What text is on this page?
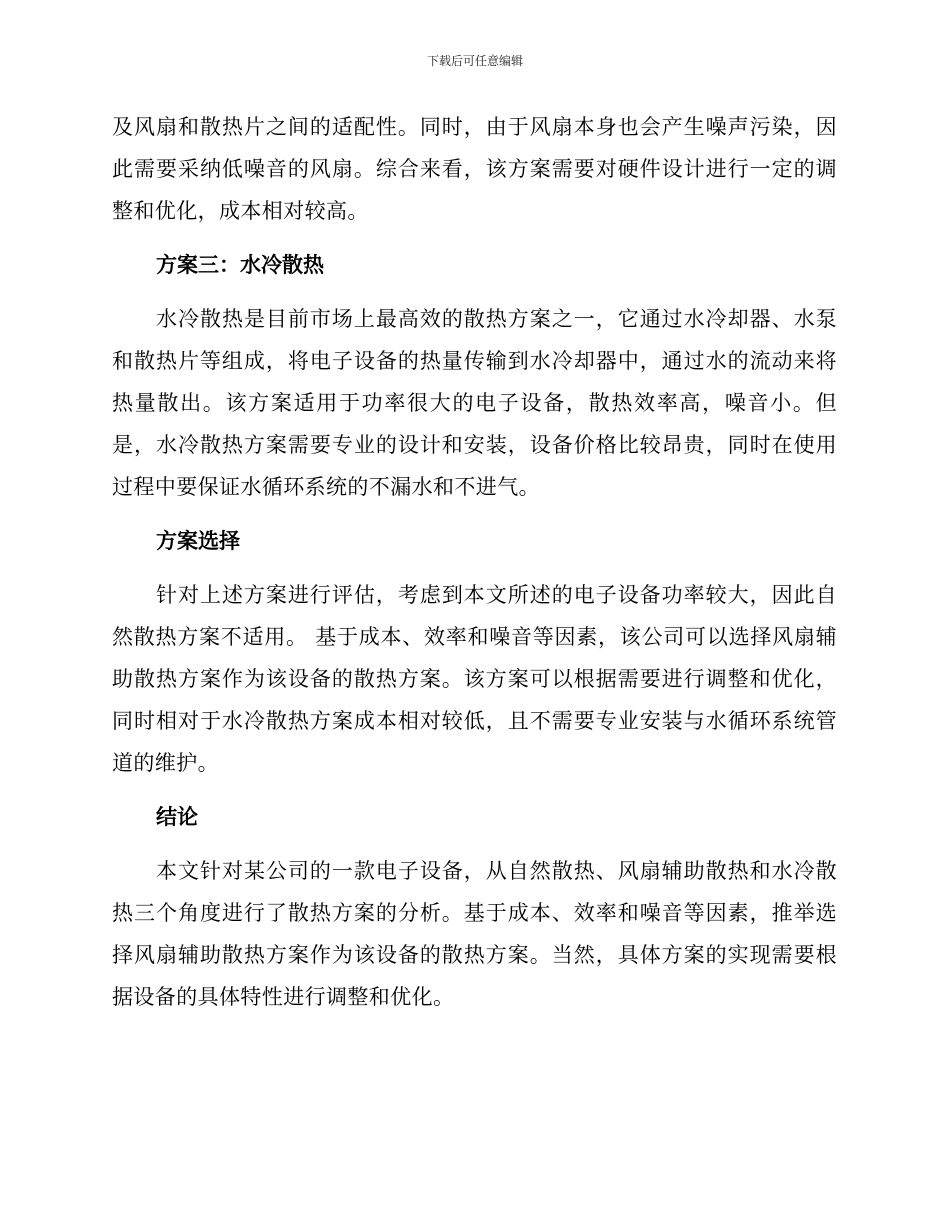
下载后可任意编辑

及风扇和散热片之间的适配性。同时，由于风扇本身也会产生噪声污染，因此需要采纳低噪音的风扇。综合来看，该方案需要对硬件设计进行一定的调整和优化，成本相对较高。

方案三：水冷散热

水冷散热是目前市场上最高效的散热方案之一，它通过水冷却器、水泵和散热片等组成，将电子设备的热量传输到水冷却器中，通过水的流动来将热量散出。该方案适用于功率很大的电子设备，散热效率高，噪音小。但是，水冷散热方案需要专业的设计和安装，设备价格比较昂贵，同时在使用过程中要保证水循环系统的不漏水和不进气。

方案选择

针对上述方案进行评估，考虑到本文所述的电子设备功率较大，因此自然散热方案不适用。 基于成本、效率和噪音等因素，该公司可以选择风扇辅助散热方案作为该设备的散热方案。该方案可以根据需要进行调整和优化，同时相对于水冷散热方案成本相对较低，且不需要专业安装与水循环系统管道的维护。

结论

本文针对某公司的一款电子设备，从自然散热、风扇辅助散热和水冷散热三个角度进行了散热方案的分析。基于成本、效率和噪音等因素，推举选择风扇辅助散热方案作为该设备的散热方案。当然，具体方案的实现需要根据设备的具体特性进行调整和优化。
